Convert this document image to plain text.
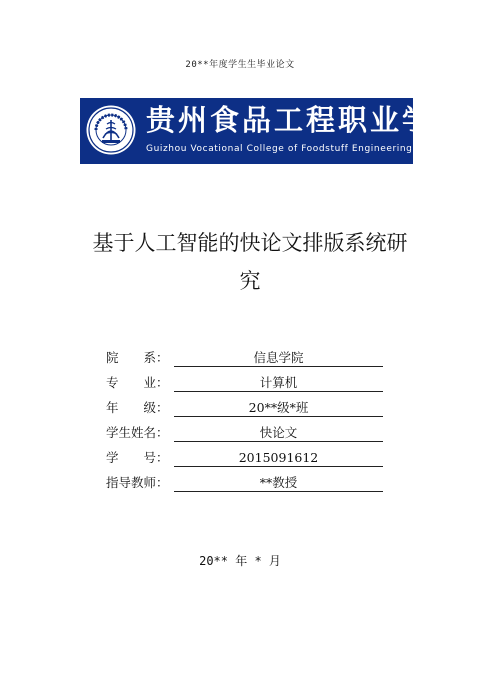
20**年度学生生毕业论文
贵州食品工程职业学院
Guizhou Vocational College of Foodstuff Engineering
基于人工智能的快论文排版系统研究
院　　系：	信息学院
专　　业：	计算机
年　　级：	20**级*班
学生姓名：	快论文
学　　号：	2015091612
指导教师：	**教授
20** 年 * 月
